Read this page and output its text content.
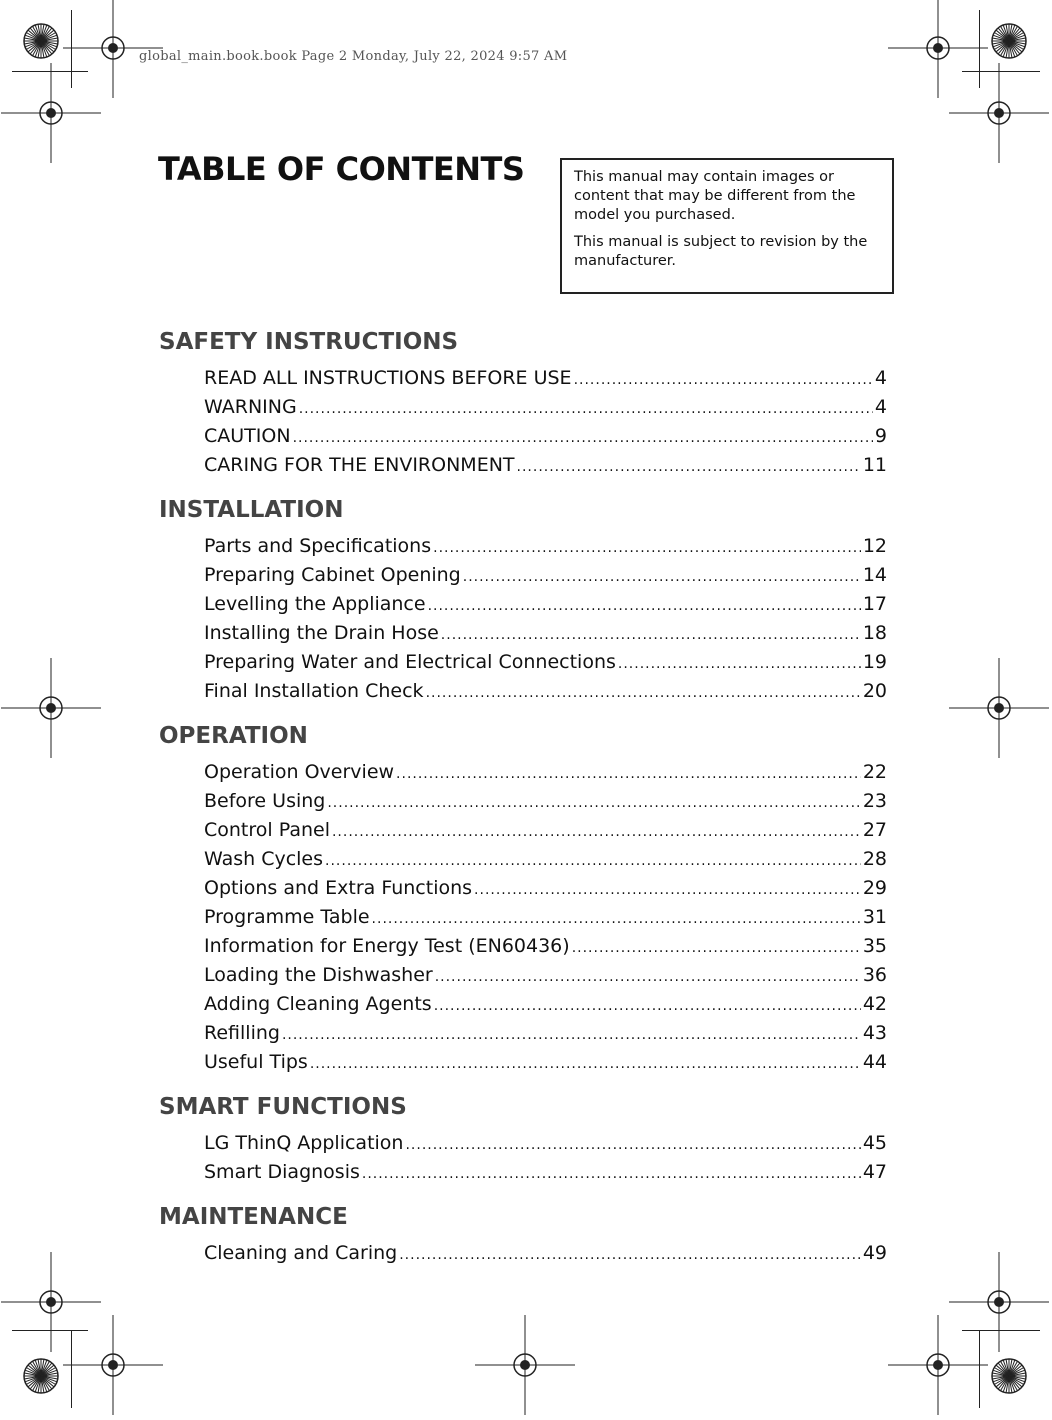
global_main.book.book Page 2 Monday, July 22, 2024 9:57 AM
TABLE OF CONTENTS	This manual may contain images or content that may be different from the model you purchased.

This manual is subject to revision by the manufacturer.

SAFETY INSTRUCTIONS
READ ALL INSTRUCTIONS BEFORE USE .....	4
WARNING .....	4
CAUTION .....	9
CARING FOR THE ENVIRONMENT .....	11
INSTALLATION
Parts and Specifications .....	12
Preparing Cabinet Opening .....	14
Levelling the Appliance .....	17
Installing the Drain Hose .....	18
Preparing Water and Electrical Connections .....	19
Final Installation Check .....	20
OPERATION
Operation Overview .....	22
Before Using .....	23
Control Panel .....	27
Wash Cycles .....	28
Options and Extra Functions .....	29
Programme Table .....	31
Information for Energy Test (EN60436) .....	35
Loading the Dishwasher .....	36
Adding Cleaning Agents .....	42
Refilling .....	43
Useful Tips .....	44
SMART FUNCTIONS
LG ThinQ Application .....	45
Smart Diagnosis .....	47
MAINTENANCE
Cleaning and Caring .....	49
